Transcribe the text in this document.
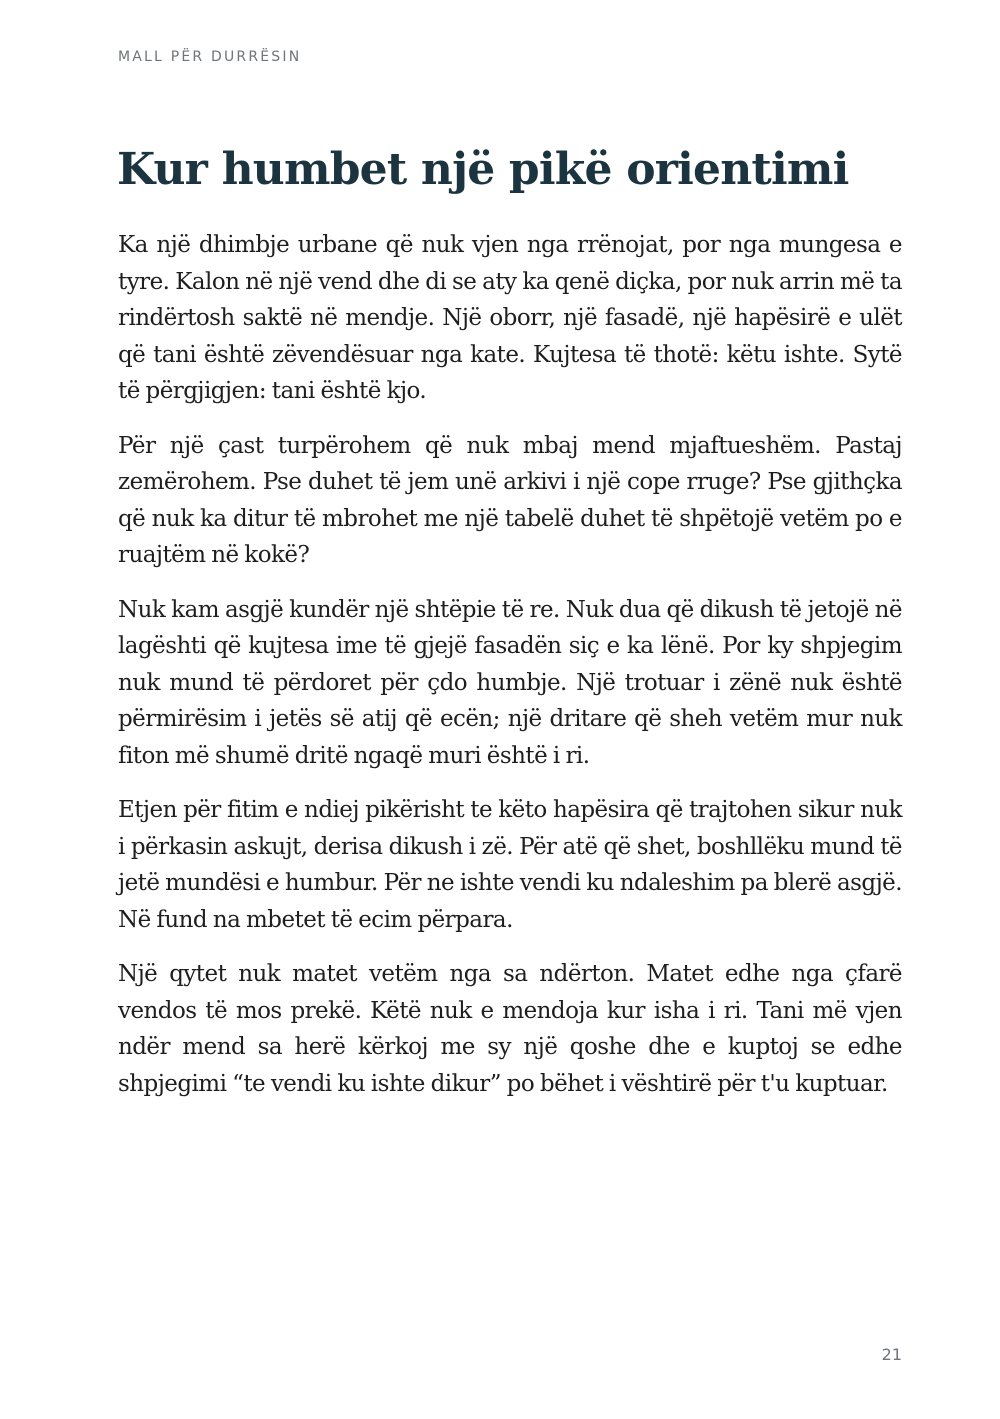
MALL PËR DURRËSIN
Kur humbet një pikë orientimi

Ka një dhimbje urbane që nuk vjen nga rrënojat, por nga mungesa e tyre. Kalon në një vend dhe di se aty ka qenë diçka, por nuk arrin më ta rindërtosh saktë në mendje. Një oborr, një fasadë, një hapësirë e ulët që tani është zëvendësuar nga kate. Kujtesa të thotë: këtu ishte. Sytë të përgjigjen: tani është kjo.

Për një çast turpërohem që nuk mbaj mend mjaftueshëm. Pastaj zemërohem. Pse duhet të jem unë arkivi i një cope rruge? Pse gjithçka që nuk ka ditur të mbrohet me një tabelë duhet të shpëtojë vetëm po e ruajtëm në kokë?

Nuk kam asgjë kundër një shtëpie të re. Nuk dua që dikush të jetojë në lagështi që kujtesa ime të gjejë fasadën siç e ka lënë. Por ky shpjegim nuk mund të përdoret për çdo humbje. Një trotuar i zënë nuk është përmirësim i jetës së atij që ecën; një dritare që sheh vetëm mur nuk fiton më shumë dritë ngaqë muri është i ri.

Etjen për fitim e ndiej pikërisht te këto hapësira që trajtohen sikur nuk i përkasin askujt, derisa dikush i zë. Për atë që shet, boshllëku mund të jetë mundësi e humbur. Për ne ishte vendi ku ndaleshim pa blerë asgjë. Në fund na mbetet të ecim përpara.

Një qytet nuk matet vetëm nga sa ndërton. Matet edhe nga çfarë vendos të mos prekë. Këtë nuk e mendoja kur isha i ri. Tani më vjen ndër mend sa herë kërkoj me sy një qoshe dhe e kuptoj se edhe shpjegimi “te vendi ku ishte dikur” po bëhet i vështirë për t'u kuptuar.

21
